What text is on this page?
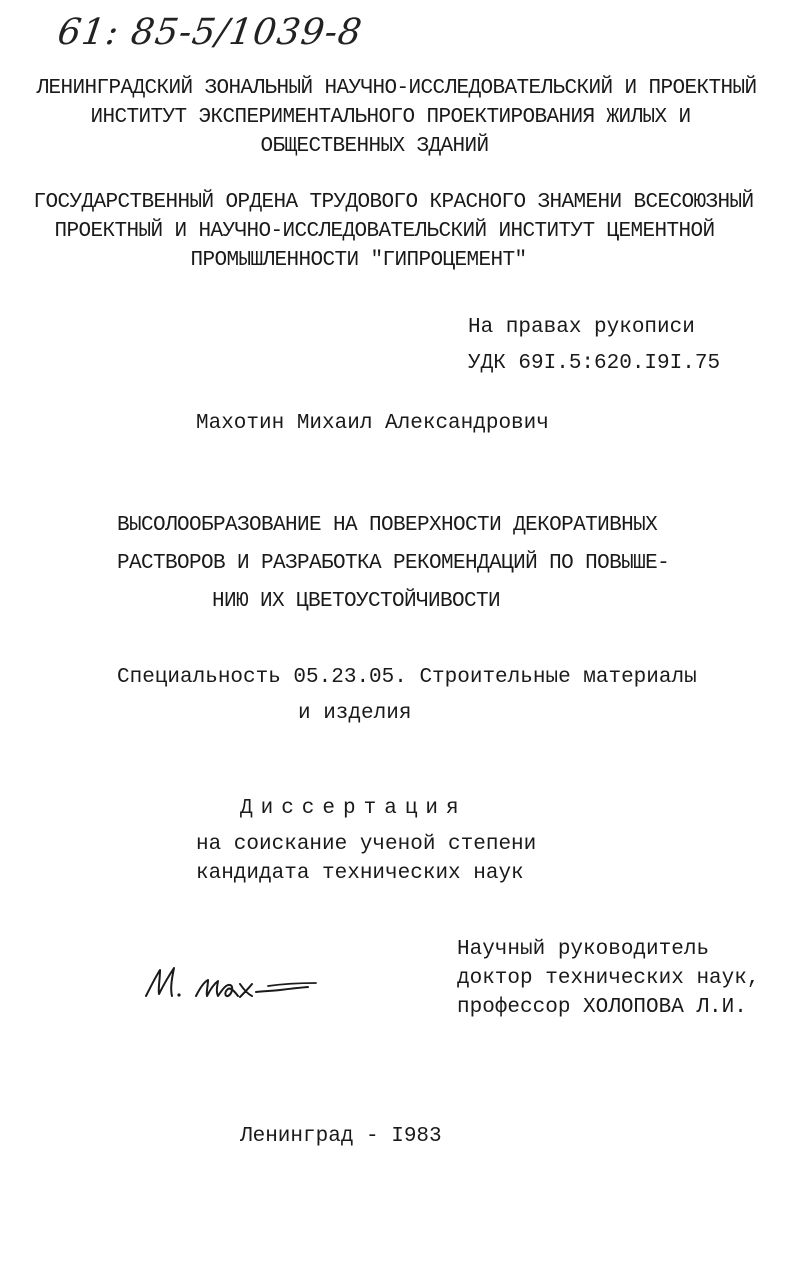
61: 85-5/1039-8
ЛЕНИНГРАДСКИЙ ЗОНАЛЬНЫЙ НАУЧНО-ИССЛЕДОВАТЕЛЬСКИЙ И ПРОЕКТНЫЙ
ИНСТИТУТ ЭКСПЕРИМЕНТАЛЬНОГО ПРОЕКТИРОВАНИЯ ЖИЛЫХ И
ОБЩЕСТВЕННЫХ ЗДАНИЙ
ГОСУДАРСТВЕННЫЙ ОРДЕНА ТРУДОВОГО КРАСНОГО ЗНАМЕНИ ВСЕСОЮЗНЫЙ
ПРОЕКТНЫЙ И НАУЧНО-ИССЛЕДОВАТЕЛЬСКИЙ ИНСТИТУТ ЦЕМЕНТНОЙ
ПРОМЫШЛЕННОСТИ "ГИПРОЦЕМЕНТ"
На правах рукописи
УДК 69I.5:620.I9I.75
Махотин Михаил Александрович
ВЫСОЛООБРАЗОВАНИЕ НА ПОВЕРХНОСТИ ДЕКОРАТИВНЫХ
РАСТВОРОВ И РАЗРАБОТКА РЕКОМЕНДАЦИЙ ПО ПОВЫШЕ-
НИЮ ИХ ЦВЕТОУСТОЙЧИВОСТИ
Специальность 05.23.05. Строительные материалы
и изделия
Диссертация
на соискание ученой степени
кандидата технических наук
Научный руководитель
доктор технических наук,
профессор ХОЛОПОВА Л.И.
Ленинград - I983
